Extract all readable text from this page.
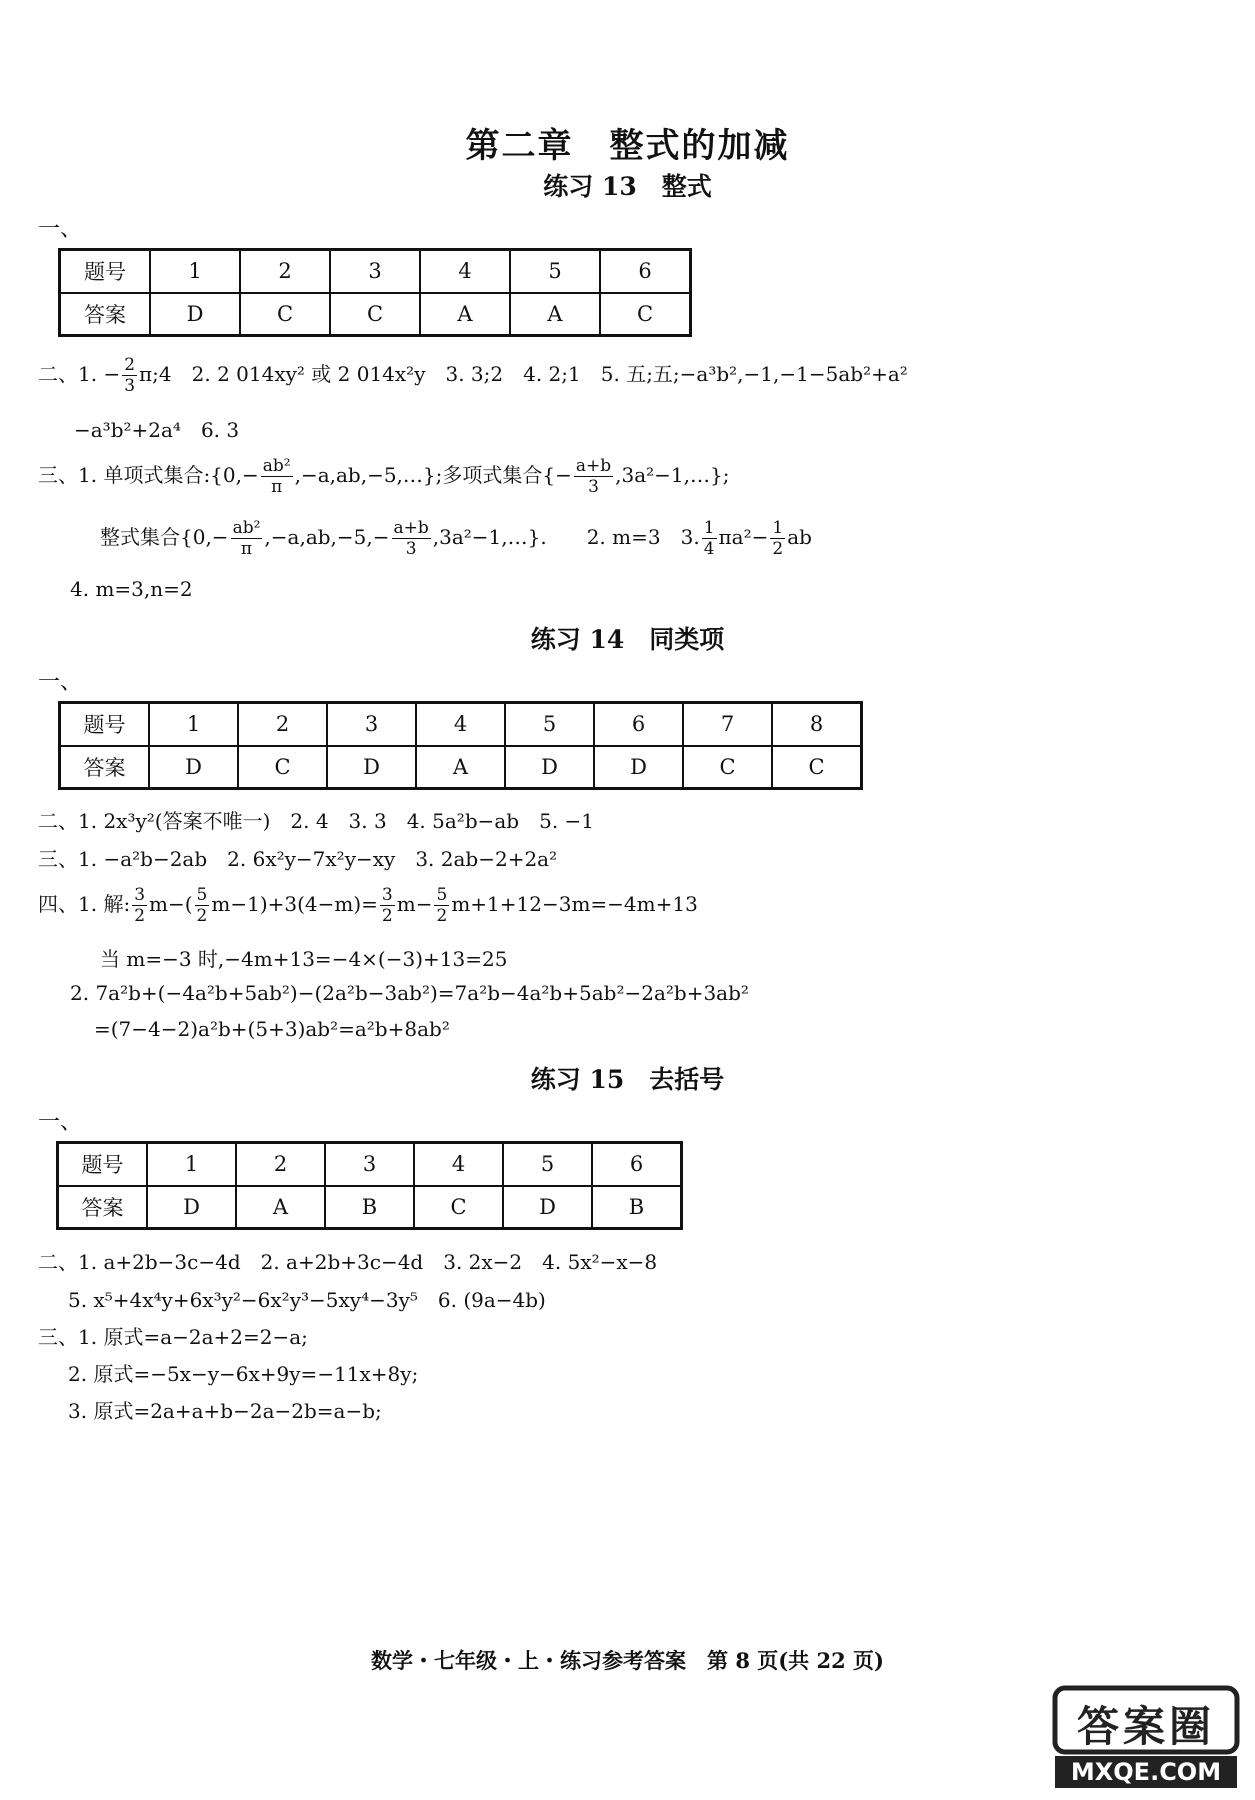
第二章　整式的加减
练习 13　整式
一、
题号	1	2	3	4	5	6
答案	D	C	C	A	A	C
二、1. − $\frac{2}{3}$ π;4　2. 2 014xy² 或 2 014x²y　3. 3;2　4. 2;1　5. 五;五;−a³b²,−1,−1−5ab²+a²
−a³b²+2a⁴　6. 3
三、1. 单项式集合:{0,− $\frac{\text{ab²}}{\pi}$ ,−a,ab,−5,…};多项式集合{− $\frac{a+b}{3}$ ,3a²−1,…};
整式集合{$0,- \frac{\text{ab²}}{\pi} ,-a,ab,-5,- \frac{a+b}{3}$ ,3a²−1,…}.　　2. m=3　3. $\frac{1}{4} \pi a^2- \frac{1}{2}$ ab
4. m=3,n=2
练习 14　同类项
一、
题号	1	2	3	4	5	6	7	8
答案	D	C	D	A	D	D	C	C
二、1. 2x³y²(答案不唯一)　2. 4　3. 3　4. 5a²b−ab　5. −1
三、1. −a²b−2ab　2. 6x²y−7x²y−xy　3. 2ab−2+2a²
四、1. 解: $\frac{3}{2} m-( \frac{5}{2} m-1)+3(4-m)= \frac{3}{2} m- \frac{5}{2} m+1+12-3m=-4m+13$
当 m=−3 时,−4m+13=−4×(−3)+13=25
2. 7a²b+(−4a²b+5ab²)−(2a²b−3ab²)=7a²b−4a²b+5ab²−2a²b+3ab²
=(7−4−2)a²b+(5+3)ab²=a²b+8ab²
练习 15　去括号
一、
题号	1	2	3	4	5	6
答案	D	A	B	C	D	B
二、1. a+2b−3c−4d　2. a+2b+3c−4d　3. 2x−2　4. 5x²−x−8
5. x⁵+4x⁴y+6x³y²−6x²y³−5xy⁴−3y⁵　6. (9a−4b)
三、1. 原式=a−2a+2=2−a;
2. 原式=−5x−y−6x+9y=−11x+8y;
3. 原式=2a+a+b−2a−2b=a−b;
数学・七年级・上・练习参考答案　第 8 页(共 22 页)
答案圈
MXQE.COM
